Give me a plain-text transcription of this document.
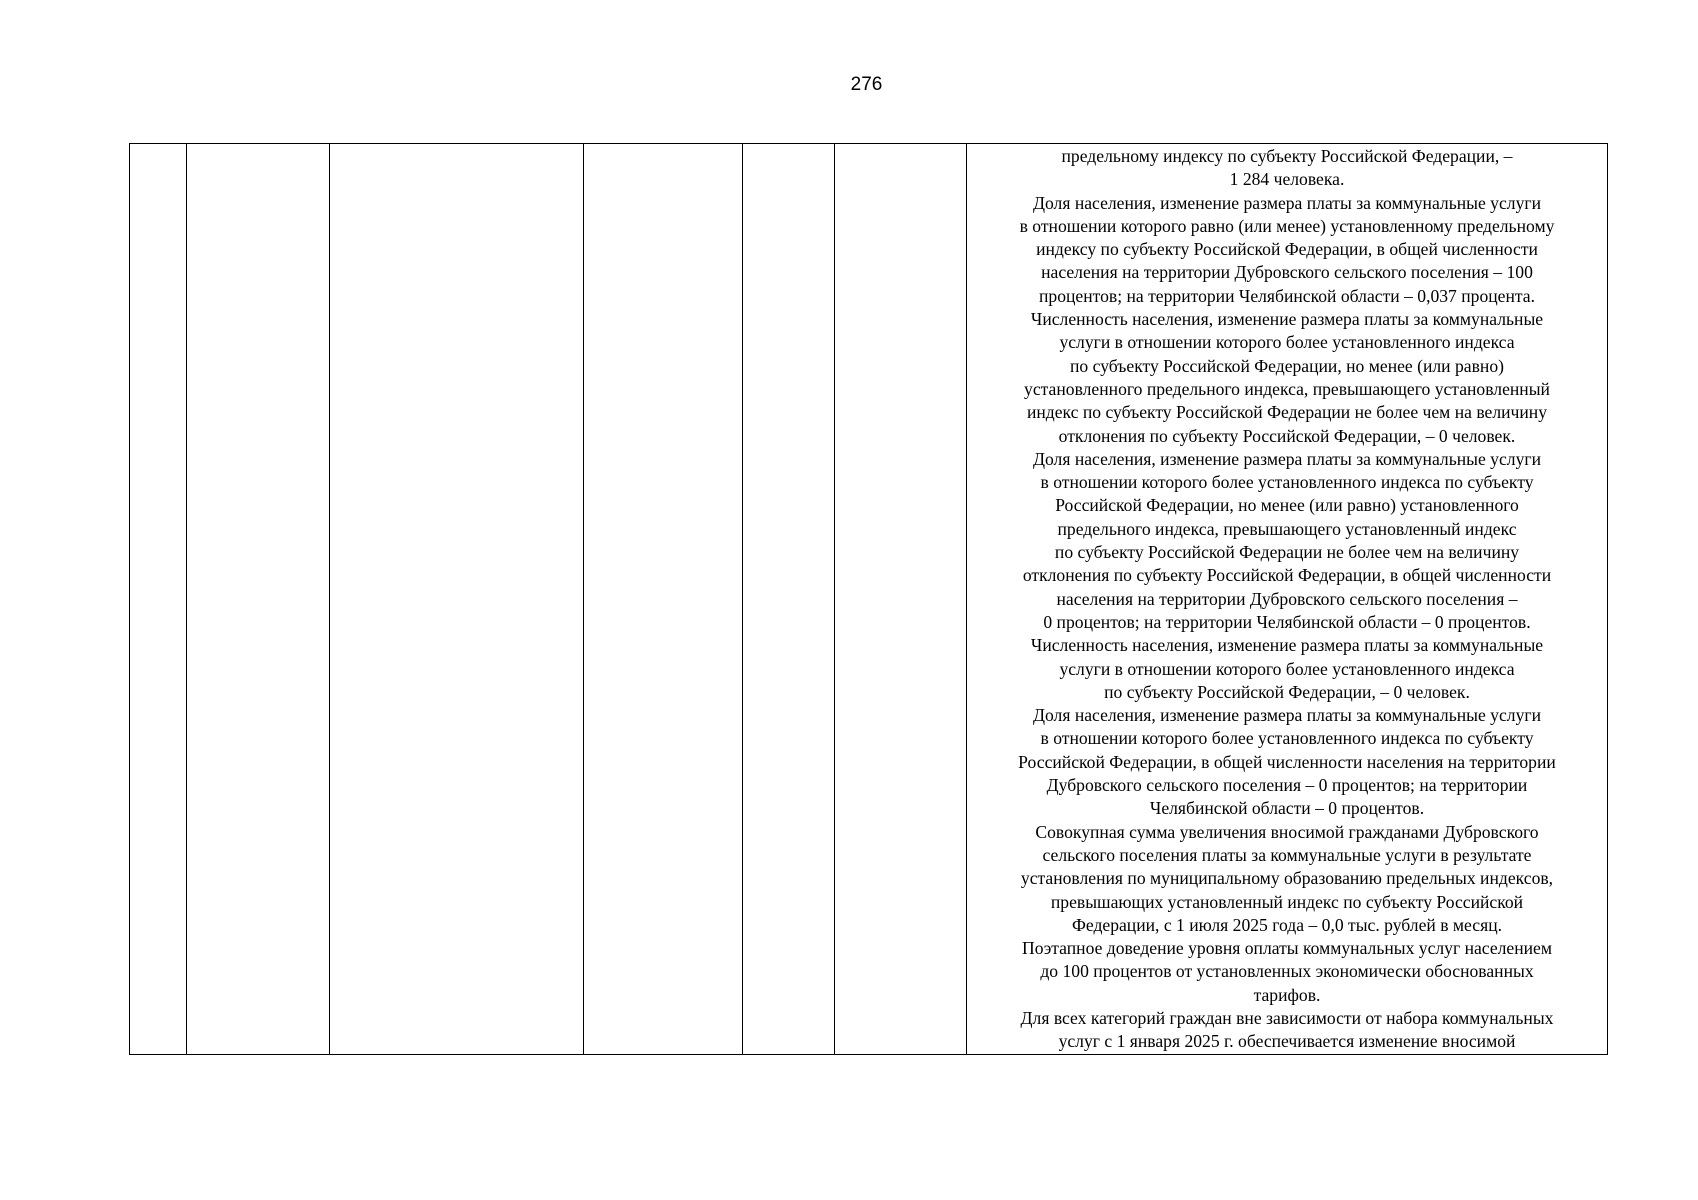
276

предельному индексу по субъекту Российской Федерации, –
1 284 человека.
Доля населения, изменение размера платы за коммунальные услуги
в отношении которого равно (или менее) установленному предельному
индексу по субъекту Российской Федерации, в общей численности
населения на территории Дубровского сельского поселения – 100
процентов; на территории Челябинской области – 0,037 процента.
Численность населения, изменение размера платы за коммунальные
услуги в отношении которого более установленного индекса
по субъекту Российской Федерации, но менее (или равно)
установленного предельного индекса, превышающего установленный
индекс по субъекту Российской Федерации не более чем на величину
отклонения по субъекту Российской Федерации, – 0 человек.
Доля населения, изменение размера платы за коммунальные услуги
в отношении которого более установленного индекса по субъекту
Российской Федерации, но менее (или равно) установленного
предельного индекса, превышающего установленный индекс
по субъекту Российской Федерации не более чем на величину
отклонения по субъекту Российской Федерации, в общей численности
населения на территории Дубровского сельского поселения –
0 процентов; на территории Челябинской области – 0 процентов.
Численность населения, изменение размера платы за коммунальные
услуги в отношении которого более установленного индекса
по субъекту Российской Федерации, – 0 человек.
Доля населения, изменение размера платы за коммунальные услуги
в отношении которого более установленного индекса по субъекту
Российской Федерации, в общей численности населения на территории
Дубровского сельского поселения – 0 процентов; на территории
Челябинской области – 0 процентов.
Совокупная сумма увеличения вносимой гражданами Дубровского
сельского поселения платы за коммунальные услуги в результате
установления по муниципальному образованию предельных индексов,
превышающих установленный индекс по субъекту Российской
Федерации, с 1 июля 2025 года – 0,0 тыс. рублей в месяц.
Поэтапное доведение уровня оплаты коммунальных услуг населением
до 100 процентов от установленных экономически обоснованных
тарифов.
Для всех категорий граждан вне зависимости от набора коммунальных
услуг с 1 января 2025 г. обеспечивается изменение вносимой
